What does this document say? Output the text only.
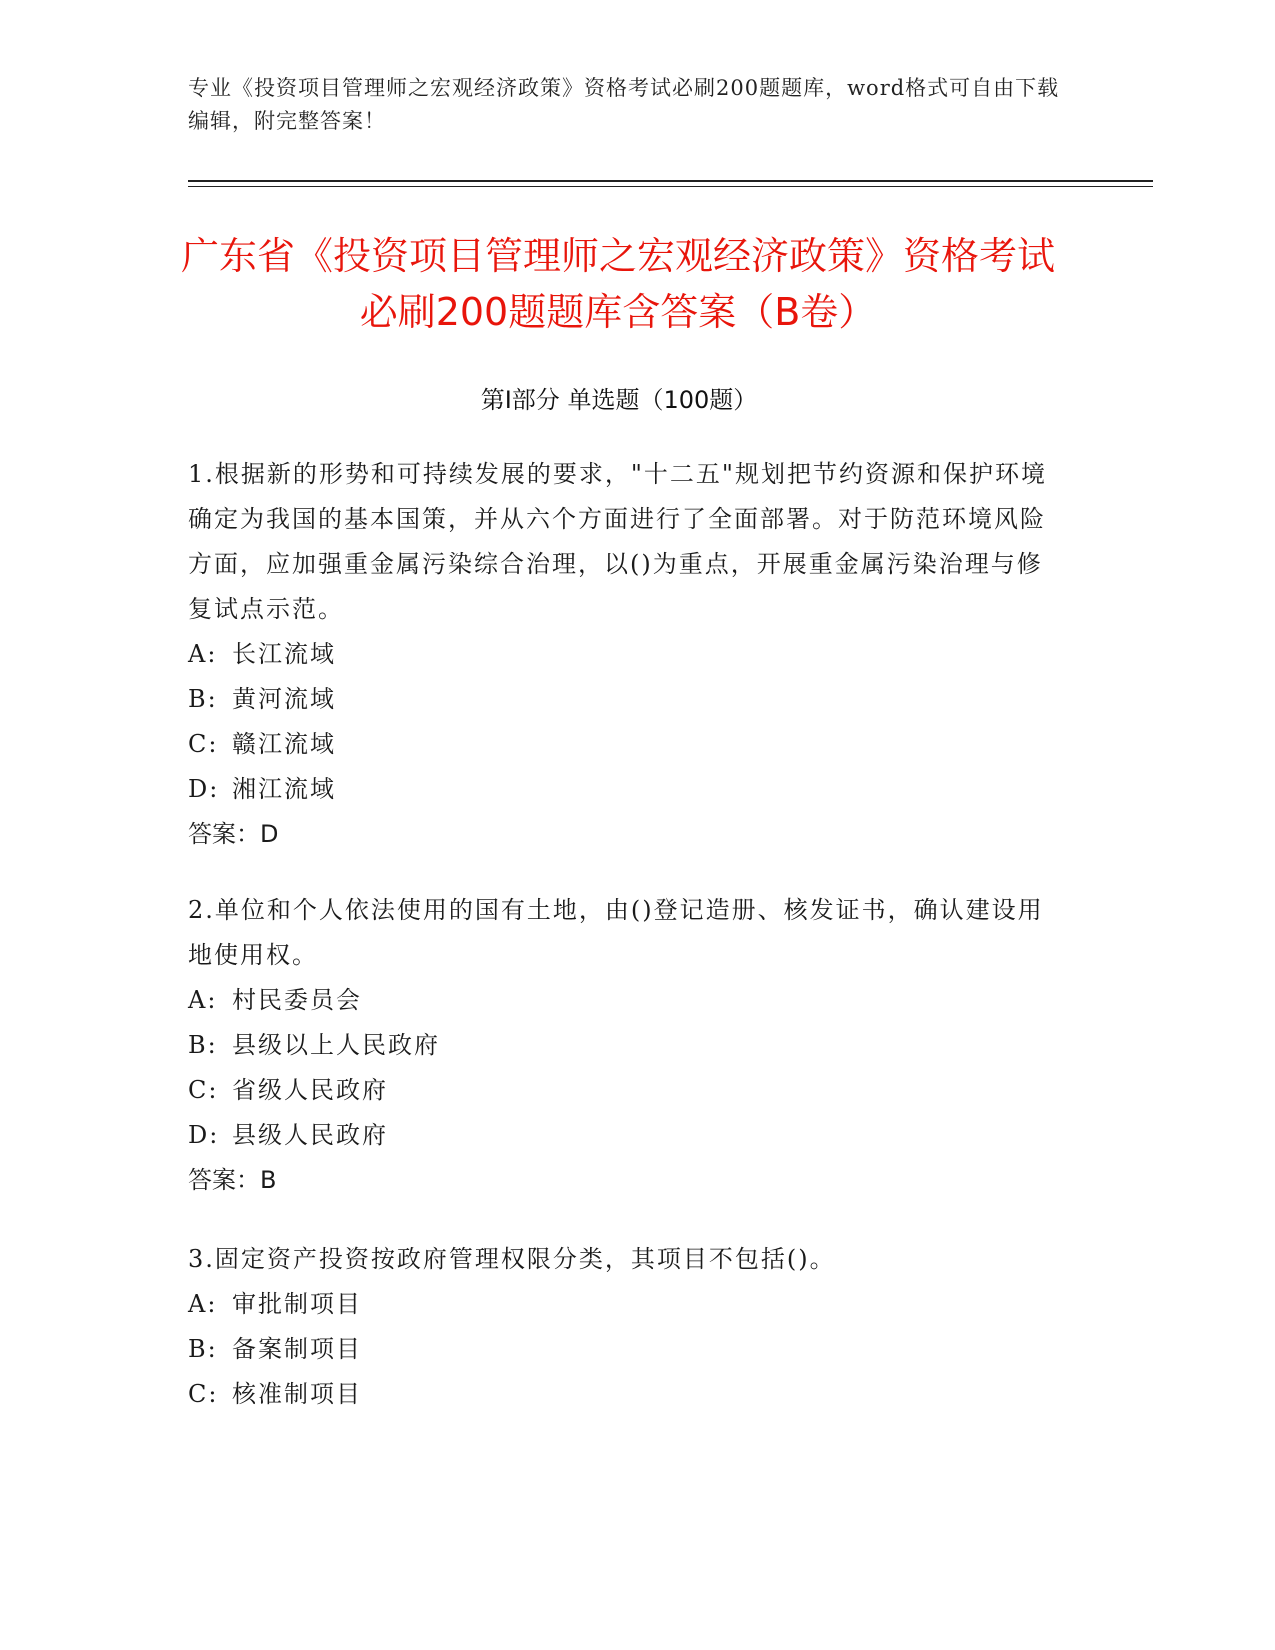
专业《投资项目管理师之宏观经济政策》资格考试必刷200题题库，word格式可自由下载编辑，附完整答案！
广东省《投资项目管理师之宏观经济政策》资格考试必刷200题题库含答案（B卷）
第Ⅰ部分 单选题（100题）

1.根据新的形势和可持续发展的要求，"十二五"规划把节约资源和保护环境确定为我国的基本国策，并从六个方面进行了全面部署。对于防范环境风险方面，应加强重金属污染综合治理，以()为重点，开展重金属污染治理与修复试点示范。

A: 长江流域

B: 黄河流域

C: 赣江流域

D: 湘江流域

答案：D

2.单位和个人依法使用的国有土地，由()登记造册、核发证书，确认建设用地使用权。

A: 村民委员会

B: 县级以上人民政府

C: 省级人民政府

D: 县级人民政府

答案：B

3.固定资产投资按政府管理权限分类，其项目不包括()。

A: 审批制项目

B: 备案制项目

C: 核准制项目
